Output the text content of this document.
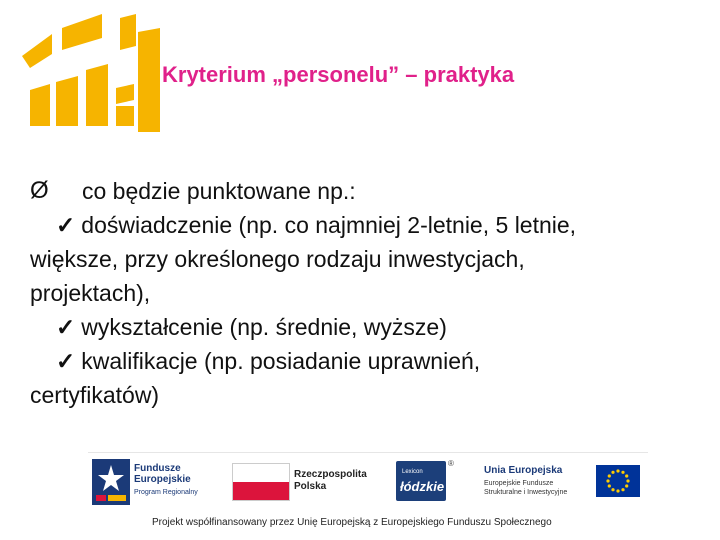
Kryterium „personelu” – praktyka
Ø co będzie punktowane np.:
✓ doświadczenie (np. co najmniej 2-letnie, 5 letnie,
większe, przy określonego rodzaju inwestycjach,
projektach),
✓ wykształcenie (np. średnie, wyższe)
✓ kwalifikacje (np. posiadanie uprawnień,
certyfikatów)
Fundusze
Europejskie
Program Regionalny
Rzeczpospolita
Polska
Lexicon
łódzkie
®
Unia Europejska
Europejskie Fundusze
Strukturalne i Inwestycyjne
Projekt współfinansowany przez Unię Europejską z Europejskiego Funduszu Społecznego
